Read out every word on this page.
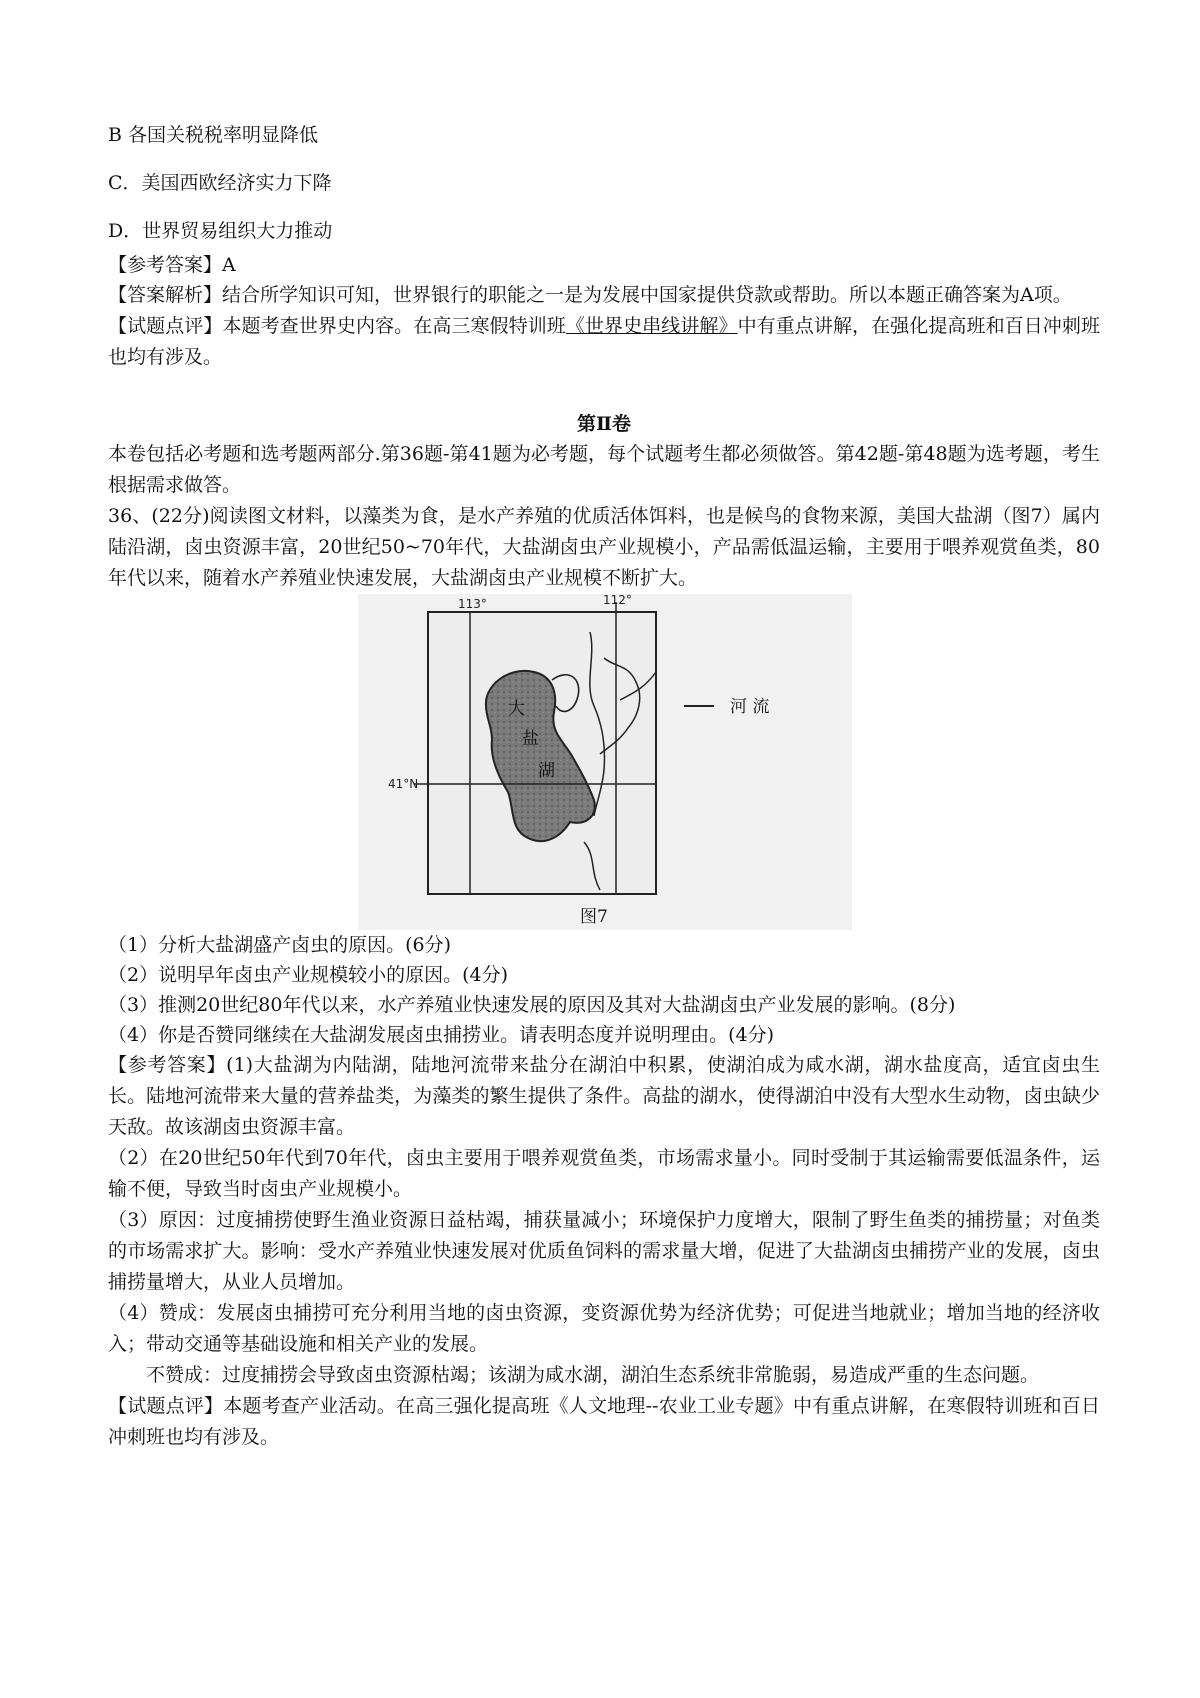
B 各国关税税率明显降低
C．美国西欧经济实力下降
D．世界贸易组织大力推动
【参考答案】A
【答案解析】结合所学知识可知，世界银行的职能之一是为发展中国家提供贷款或帮助。所以本题正确答案为A项。
【试题点评】本题考查世界史内容。在高三寒假特训班《世界史串线讲解》中有重点讲解，在强化提高班和百日冲刺班也均有涉及。
第Ⅱ卷
本卷包括必考题和选考题两部分.第36题-第41题为必考题，每个试题考生都必须做答。第42题-第48题为选考题，考生根据需求做答。
36、(22分)阅读图文材料，以藻类为食，是水产养殖的优质活体饵料，也是候鸟的食物来源，美国大盐湖（图7）属内陆沿湖，卤虫资源丰富，20世纪50~70年代，大盐湖卤虫产业规模小，产品需低温运输，主要用于喂养观赏鱼类，80年代以来，随着水产养殖业快速发展，大盐湖卤虫产业规模不断扩大。
113°	112°
41°N
大
盐
湖
河 流
图7
（1）分析大盐湖盛产卤虫的原因。(6分)
（2）说明早年卤虫产业规模较小的原因。(4分)
（3）推测20世纪80年代以来，水产养殖业快速发展的原因及其对大盐湖卤虫产业发展的影响。(8分)
（4）你是否赞同继续在大盐湖发展卤虫捕捞业。请表明态度并说明理由。(4分)
【参考答案】(1)大盐湖为内陆湖，陆地河流带来盐分在湖泊中积累，使湖泊成为咸水湖，湖水盐度高，适宜卤虫生长。陆地河流带来大量的营养盐类，为藻类的繁生提供了条件。高盐的湖水，使得湖泊中没有大型水生动物，卤虫缺少天敌。故该湖卤虫资源丰富。
（2）在20世纪50年代到70年代，卤虫主要用于喂养观赏鱼类，市场需求量小。同时受制于其运输需要低温条件，运输不便，导致当时卤虫产业规模小。
（3）原因：过度捕捞使野生渔业资源日益枯竭，捕获量减小；环境保护力度增大，限制了野生鱼类的捕捞量；对鱼类的市场需求扩大。影响：受水产养殖业快速发展对优质鱼饲料的需求量大增，促进了大盐湖卤虫捕捞产业的发展，卤虫捕捞量增大，从业人员增加。
（4）赞成：发展卤虫捕捞可充分利用当地的卤虫资源，变资源优势为经济优势；可促进当地就业；增加当地的经济收入；带动交通等基础设施和相关产业的发展。
不赞成：过度捕捞会导致卤虫资源枯竭；该湖为咸水湖，湖泊生态系统非常脆弱，易造成严重的生态问题。
【试题点评】本题考查产业活动。在高三强化提高班《人文地理--农业工业专题》中有重点讲解，在寒假特训班和百日冲刺班也均有涉及。
